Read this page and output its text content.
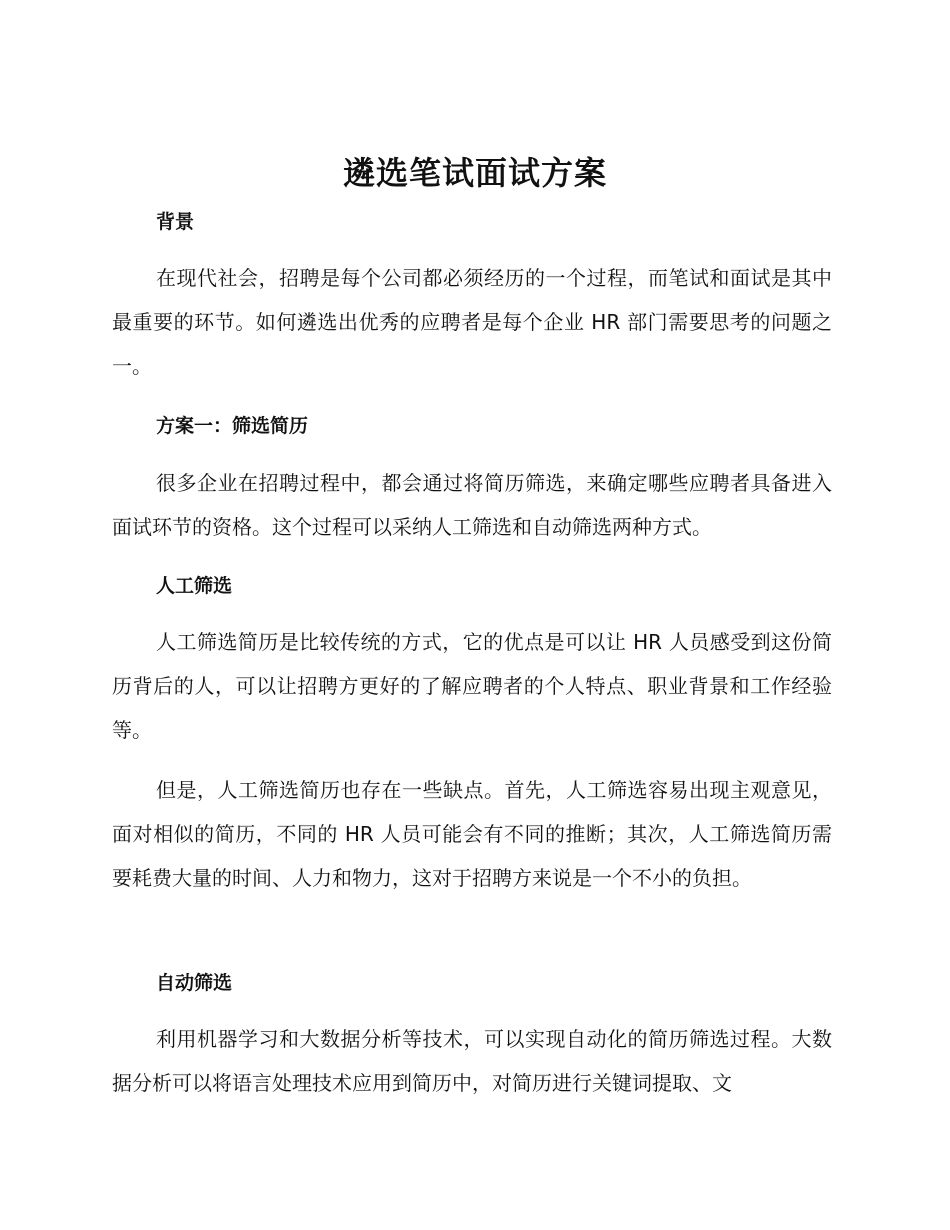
遴选笔试面试方案
背景
在现代社会，招聘是每个公司都必须经历的一个过程，而笔试和面试是其中最重要的环节。如何遴选出优秀的应聘者是每个企业 HR 部门需要思考的问题之一。
方案一：筛选简历
很多企业在招聘过程中，都会通过将简历筛选，来确定哪些应聘者具备进入面试环节的资格。这个过程可以采纳人工筛选和自动筛选两种方式。
人工筛选
人工筛选简历是比较传统的方式，它的优点是可以让 HR 人员感受到这份简历背后的人，可以让招聘方更好的了解应聘者的个人特点、职业背景和工作经验等。
但是，人工筛选简历也存在一些缺点。首先，人工筛选容易出现主观意见，面对相似的简历，不同的 HR 人员可能会有不同的推断；其次，人工筛选简历需要耗费大量的时间、人力和物力，这对于招聘方来说是一个不小的负担。
自动筛选
利用机器学习和大数据分析等技术，可以实现自动化的简历筛选过程。大数据分析可以将语言处理技术应用到简历中，对简历进行关键词提取、文
